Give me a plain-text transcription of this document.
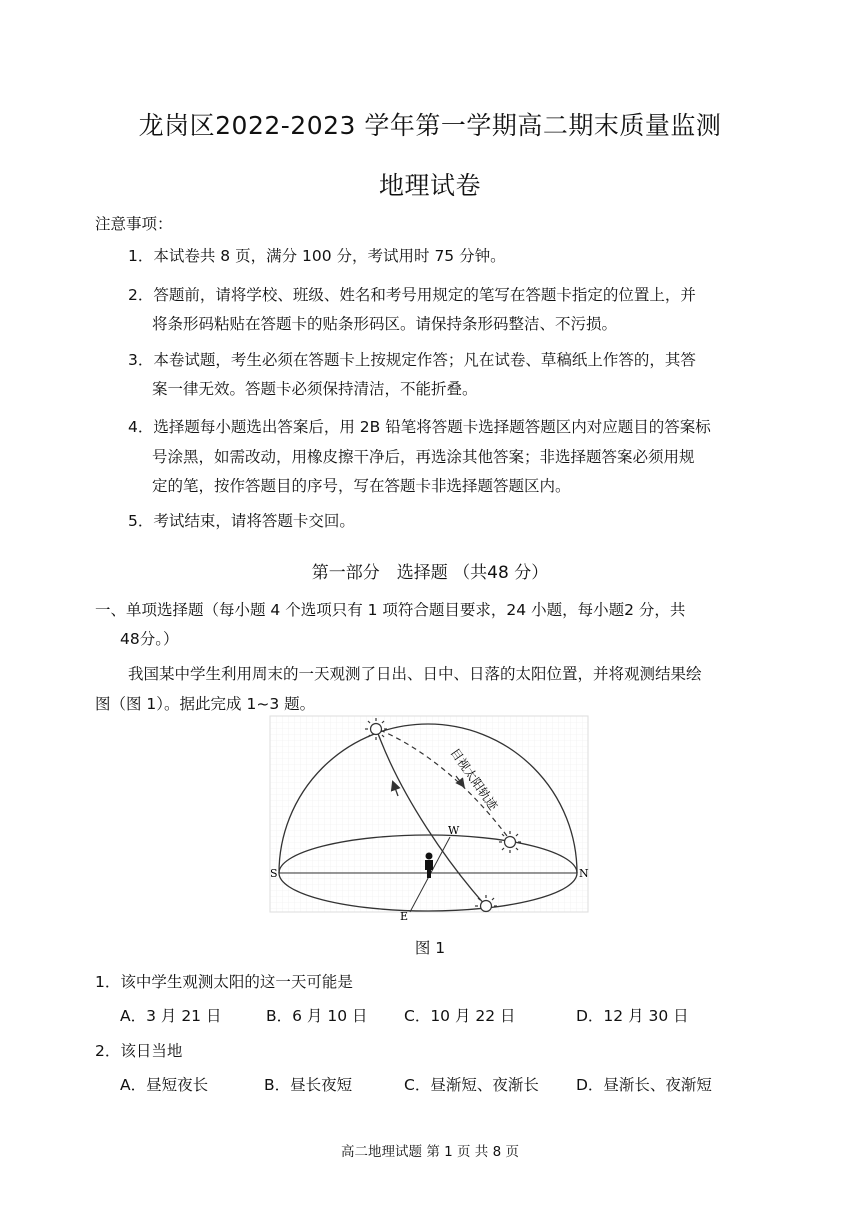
龙岗区2022-2023 学年第一学期高二期末质量监测
地理试卷
注意事项：
1．本试卷共 8 页，满分 100 分，考试用时 75 分钟。
2．答题前，请将学校、班级、姓名和考号用规定的笔写在答题卡指定的位置上，并
将条形码粘贴在答题卡的贴条形码区。请保持条形码整洁、不污损。
3．本卷试题，考生必须在答题卡上按规定作答；凡在试卷、草稿纸上作答的，其答
案一律无效。答题卡必须保持清洁，不能折叠。
4．选择题每小题选出答案后，用 2B 铅笔将答题卡选择题答题区内对应题目的答案标
号涂黑，如需改动，用橡皮擦干净后，再选涂其他答案；非选择题答案必须用规
定的笔，按作答题目的序号，写在答题卡非选择题答题区内。
5．考试结束，请将答题卡交回。
第一部分　选择题 （共48 分）
一、单项选择题（每小题 4 个选项只有 1 项符合题目要求，24 小题，每小题2 分，共
48分。）
我国某中学生利用周末的一天观测了日出、日中、日落的太阳位置，并将观测结果绘
图（图 1）。据此完成 1~3 题。
S	N
W
E
目视太阳轨迹
图 1
1．该中学生观测太阳的这一天可能是
A．3 月 21 日	B．6 月 10 日 C．10 月 22 日	D．12 月 30 日
2．该日当地
A．昼短夜长	B．昼长夜短	C．昼渐短、夜渐长 D．昼渐长、夜渐短
高二地理试题 第 1 页 共 8 页
